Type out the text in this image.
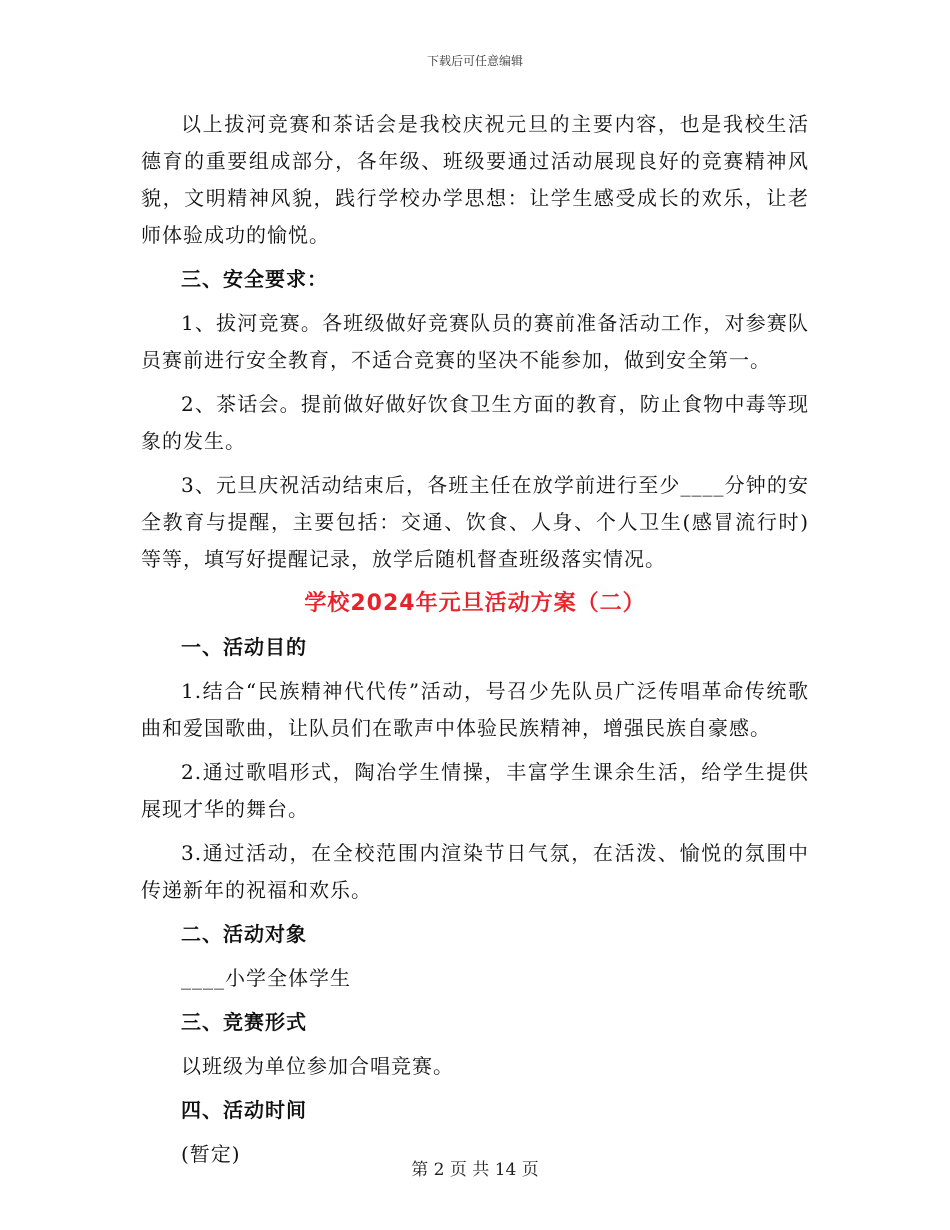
下载后可任意编辑

以上拔河竞赛和茶话会是我校庆祝元旦的主要内容，也是我校生活德育的重要组成部分，各年级、班级要通过活动展现良好的竞赛精神风貌，文明精神风貌，践行学校办学思想：让学生感受成长的欢乐，让老师体验成功的愉悦。

三、安全要求：

1、拔河竞赛。各班级做好竞赛队员的赛前准备活动工作，对参赛队员赛前进行安全教育，不适合竞赛的坚决不能参加，做到安全第一。

2、茶话会。提前做好做好饮食卫生方面的教育，防止食物中毒等现象的发生。

3、元旦庆祝活动结束后，各班主任在放学前进行至少____分钟的安全教育与提醒，主要包括：交通、饮食、人身、个人卫生(感冒流行时)等等，填写好提醒记录，放学后随机督查班级落实情况。

学校2024年元旦活动方案（二）

一、活动目的

1.结合“民族精神代代传”活动，号召少先队员广泛传唱革命传统歌曲和爱国歌曲，让队员们在歌声中体验民族精神，增强民族自豪感。

2.通过歌唱形式，陶冶学生情操，丰富学生课余生活，给学生提供展现才华的舞台。

3.通过活动，在全校范围内渲染节日气氛，在活泼、愉悦的氛围中传递新年的祝福和欢乐。

二、活动对象

____小学全体学生

三、竞赛形式

以班级为单位参加合唱竞赛。

四、活动时间

(暂定)

第 2 页 共 14 页
